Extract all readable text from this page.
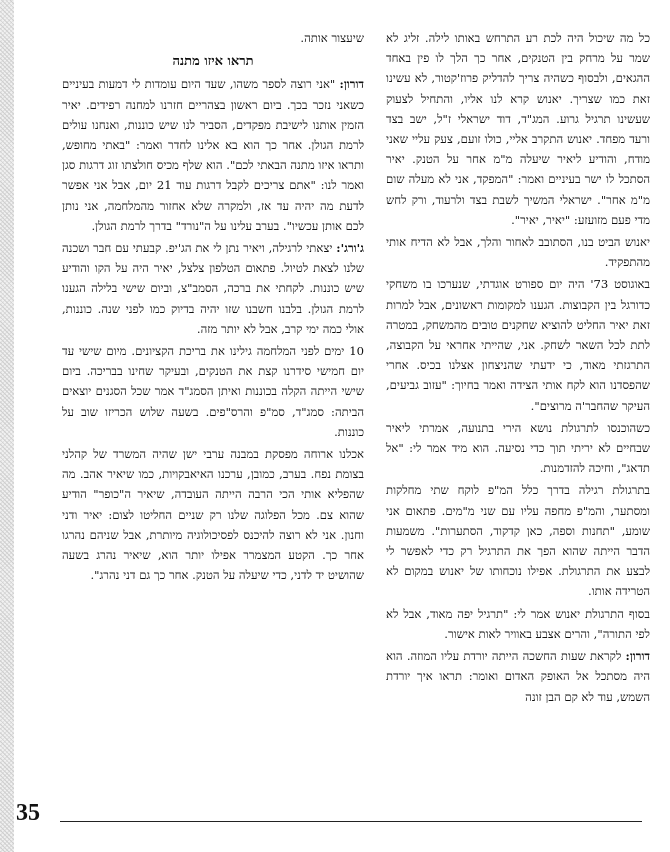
כל מה שיכול היה לכת רע התרחש באותו לילה. זליג לא שמר על מרחק בין הטנקים, אחר כך הלך לו פין באחד ההגאים, ולבסוף כשהיה צריך להדליק פרוז'קטור, לא עשינו זאת כמו שצריך. יאנוש קרא לנו אליו, והתחיל לצעוק שעשינו תרגיל גרוע. המג"ד, דוד ישראלי ז"ל, ישב בצד ורעד מפחד. יאנוש התקרב אליי, כולו זועם, צעק עליי שאני מודח, והודיע ליאיר שיעלה מ"מ אחר על הטנק. יאיר הסתכל לו ישר בעיניים ואמר: "המפקד, אני לא מעלה שום מ"מ אחר". ישראלי המשיך לשבת בצד ולרעוד, ורק לחש מדי פעם מזועזע: "יאיר, יאיר".

יאנוש הביט בנו, הסתובב לאחור והלך, אבל לא הדיח אותי מהתפקיד.

באוגוסט 73' היה יום ספורט אוגדתי, שנערכו בו משחקי כדורגל בין הקבוצות. הגענו למקומות ראשונים, אבל למרות זאת יאיר החליט להוציא שחקנים טובים מהמשחק, במטרה לתת לכל השאר לשחק. אני, שהייתי אחראי על הקבוצה, התרגזתי מאוד, כי ידעתי שהניצחון אצלנו בכיס. אחרי שהפסדנו הוא לקח אותי הצידה ואמר בחיוך: "עזוב גביעים, העיקר שהחבר'ה מרוצים".

כשהוכנסו לתרגולת נושא הירי בתנועה, אמרתי ליאיר שבחיים לא יריתי תוך כדי נסיעה. הוא מיד אמר לי: "אל תדאג", וחיכה להזדמנות.

בתרגולת רגילה בדרך כלל המ"פ לוקח שתי מחלקות ומסתער, והמ"פ מחפה עליו עם שני מ"מים. פתאום אני שומע, "תחנות וספה, כאן קדקוד, הסתערות". משמעות הדבר הייתה שהוא הפך את התרגיל רק כדי לאפשר לי לבצע את התרגולת. אפילו נוכחותו של יאנוש במקום לא הטרידה אותו.

בסוף התרגולת יאנוש אמר לי: "תרגיל יפה מאוד, אבל לא לפי התורה", והרים אצבע באוויר לאות אישור.

דורון: לקראת שעות החשכה הייתה יורדת עליו המוזה. הוא היה מסתכל אל האופק האדום ואומר: תראו איך יורדת השמש, עוד לא קם הבן זונה

שיעצור אותה.

תראו איזו מתנה

דורון: "אני רוצה לספר משהו, שעד היום עומדות לי דמעות בעיניים כשאני נזכר בכך. ביום ראשון בצהריים חזרנו למחנה רפידים. יאיר הזמין אותנו לישיבת מפקדים, הסביר לנו שיש כוננות, ואנחנו עולים לרמת הגולן. אחר כך הוא בא אלינו לחדר ואמר: "באתי מחופש, ותראו איזו מתנה הבאתי לכם". הוא שלף מכיס חולצתו זוג דרגות סגן ואמר לנו: "אתם צריכים לקבל דרגות עוד 21 יום, אבל אני אפשר לדעת מה יהיה עד אז, ולמקרה שלא אחזור מהמלחמה, אני נותן לכם אותן עכשיו". בערב עלינו על ה"נורד" בדרך לרמת הגולן.

ג'ורג': יצאתי לרגילה, ויאיר נתן לי את הג'יפ. קבעתי עם חבר ושכנה שלנו לצאת לטיול. פתאום הטלפון צלצל, יאיר היה על הקו והודיע שיש כוננות. לקחתי את ברכה, הסמב"צ, וביום שישי בלילה הגענו לרמת הגולן. בלבנו חשבנו שזו יהיה בדיוק כמו לפני שנה. כוננות, אולי כמה ימי קרב, אבל לא יותר מזה.

10 ימים לפני המלחמה גילינו את בריכת הקציונים. מיום שישי עד יום חמישי סידרנו קצת את הטנקים, ובעיקר שחינו בבריכה. ביום שישי הייתה הקלה בכוננות ואיתן הסמג"ד אמר שכל הסגנים יוצאים הביתה: סמג"ד, סמ"פ והרס"פים. בשעה שלוש הכריזו שוב על כוננות.

אכלנו ארוחה מפסקת במבנה ערבי ישן שהיה המשרד של קהלני בצומת נפח. בערב, כמובן, ערכנו האיאבקויות, כמו שיאיר אהב. מה שהפליא אותי הכי הרבה הייתה העובדה, שיאיר ה"כופר" הודיע שהוא צם. מכל הפלוגה שלנו רק שניים החליטו לצום: יאיר ודני וחנון. אני לא רוצה להיכנס לפסיכולוגיה מיותרת, אבל שניהם נהרגו אחר כך. הקטע המצמרר אפילו יותר הוא, שיאיר נהרג בשעה שהושיט יד לדני, כדי שיעלה על הטנק. אחר כך גם דני נהרג".

35
